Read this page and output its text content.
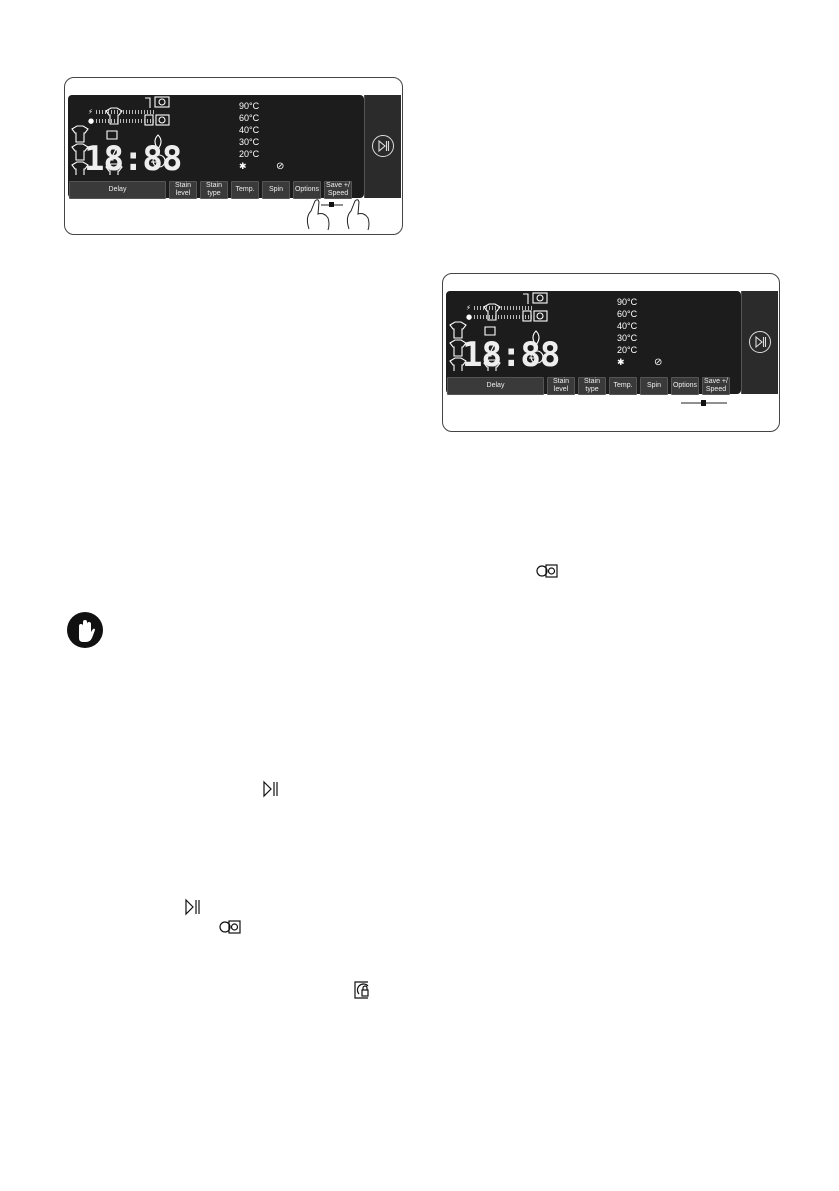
⚡
●
18:88

90°C
60°C
40°C
30°C
20°C
✱	⊘
Delay
Stain level
Stain type
Temp.	Spin	Options
Save +/ Speed
⚡
●
18:88

90°C
60°C
40°C
30°C
20°C
✱	⊘
Delay
Stain level
Stain type
Temp.	Spin	Options
Save +/ Speed
